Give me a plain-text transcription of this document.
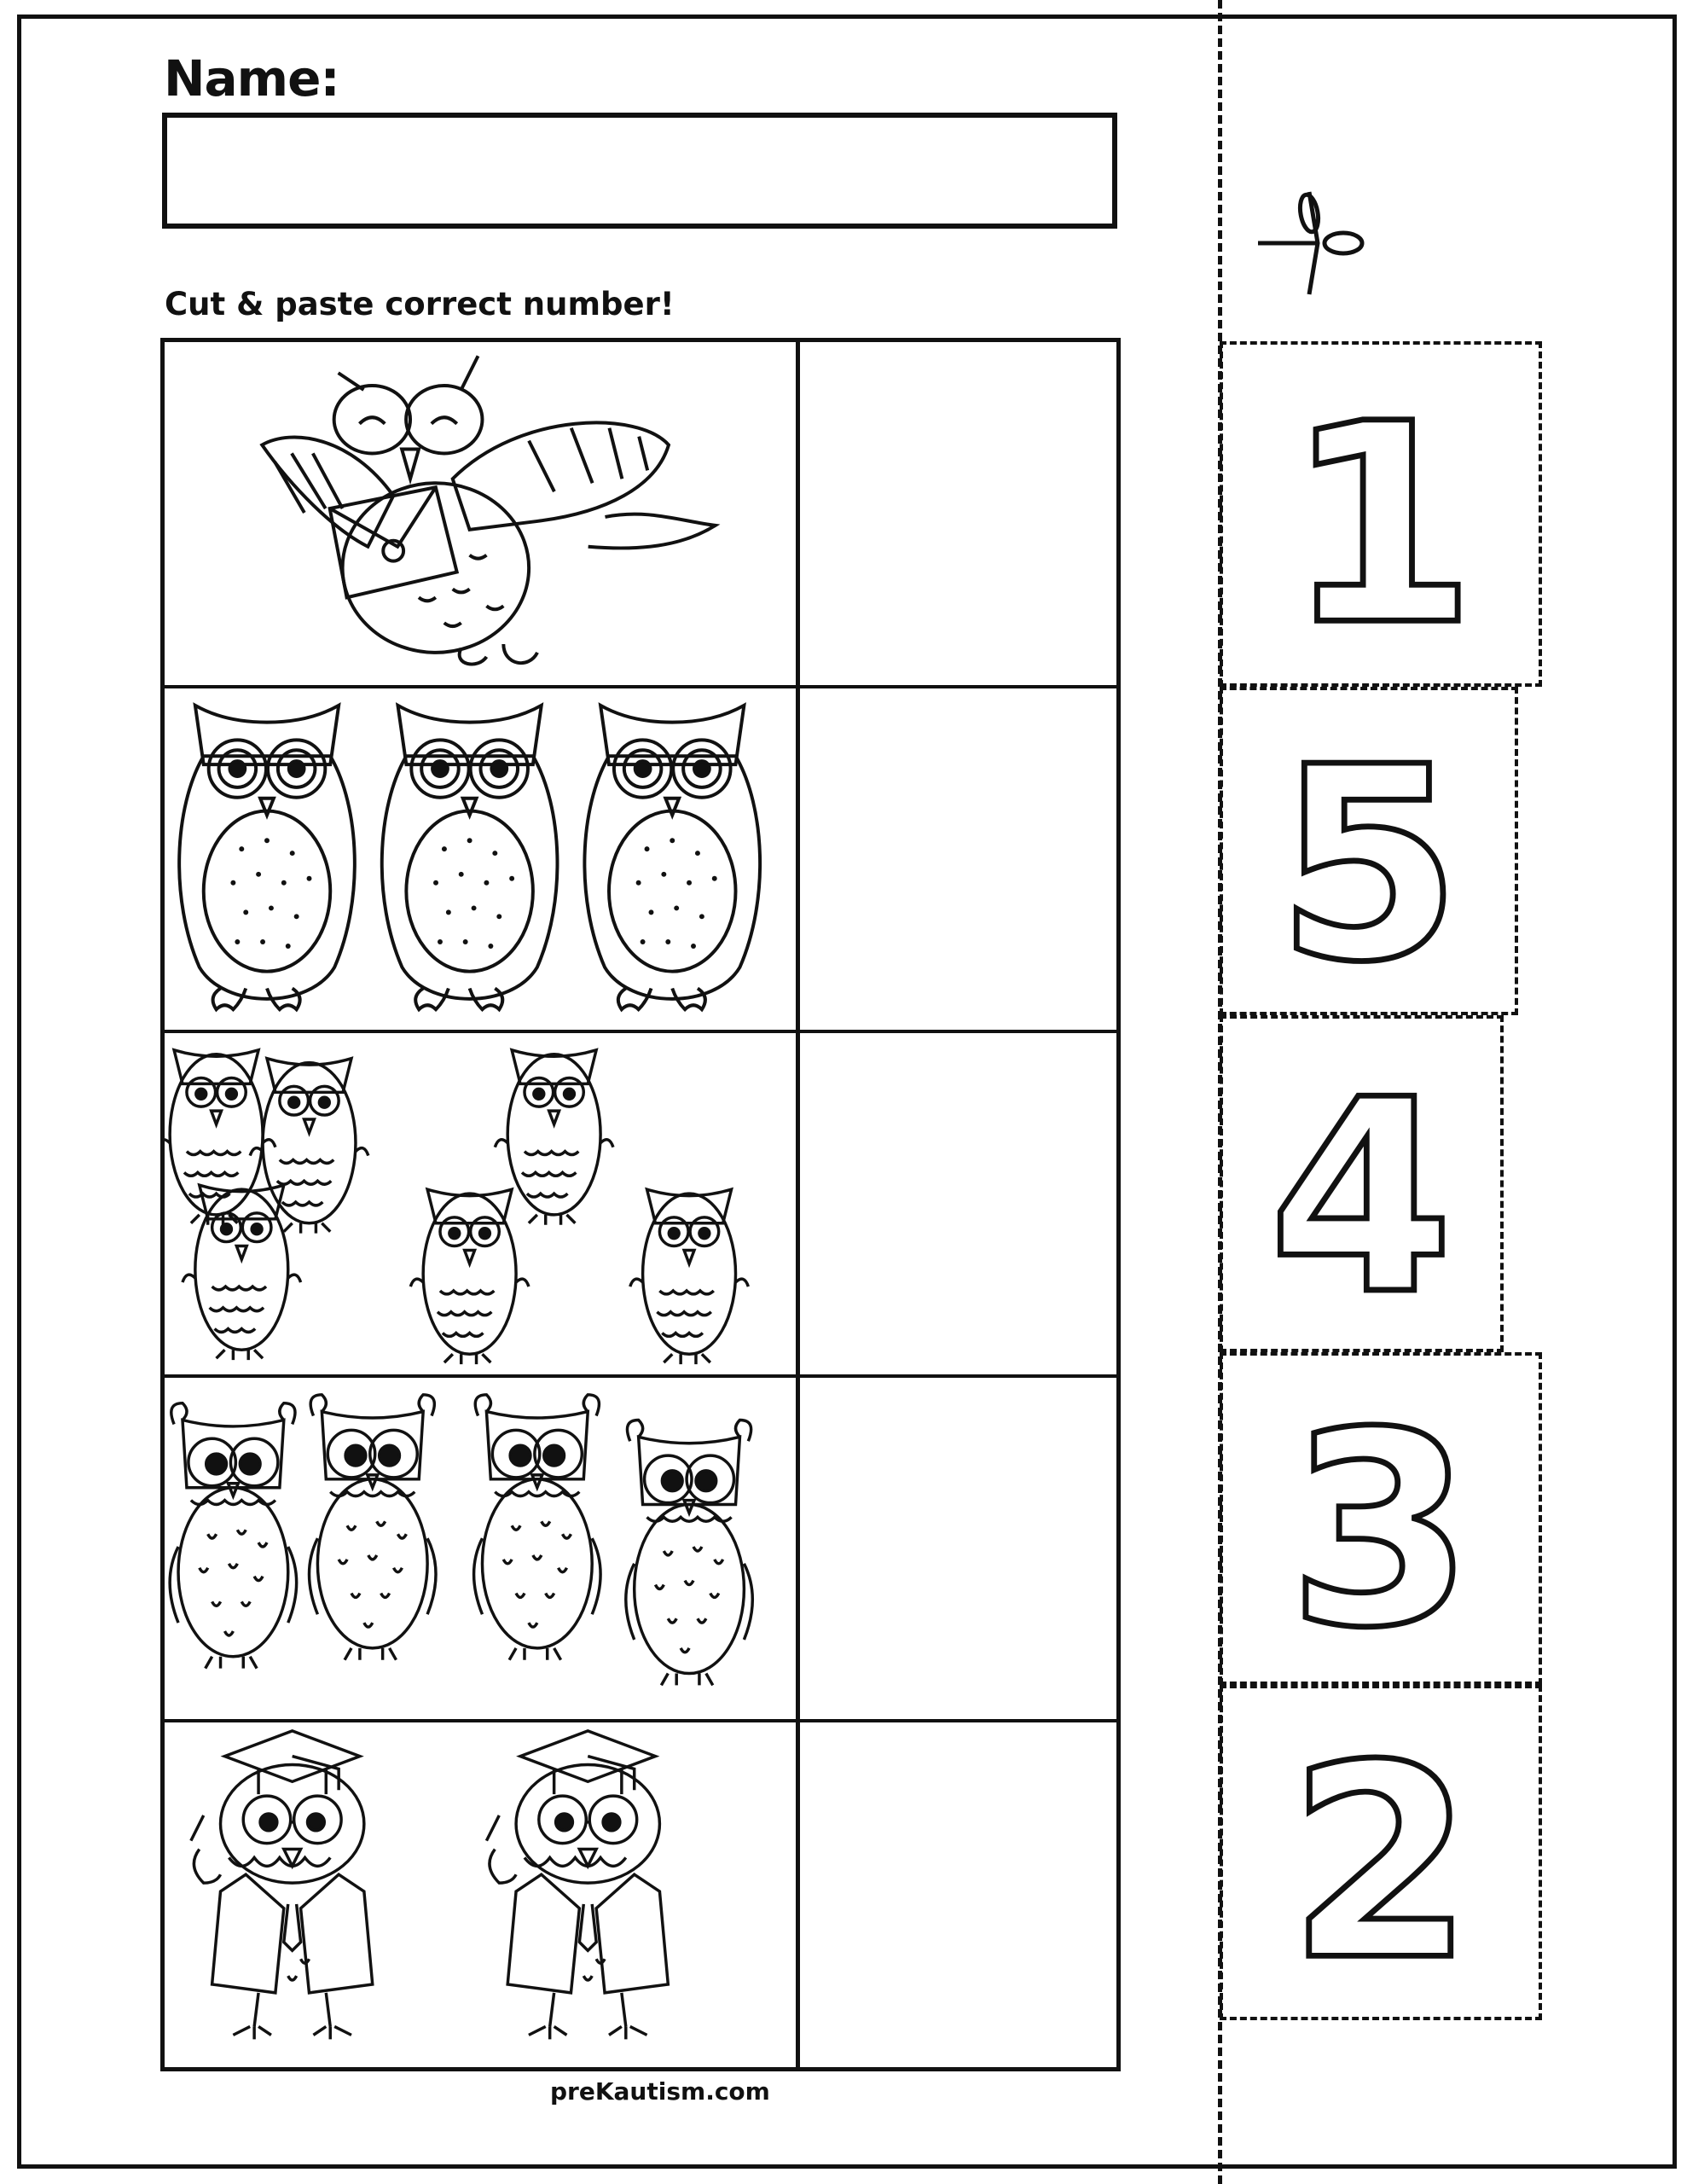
Name:
Cut & paste correct number!
preKautism.com
1
5
4
3
2
